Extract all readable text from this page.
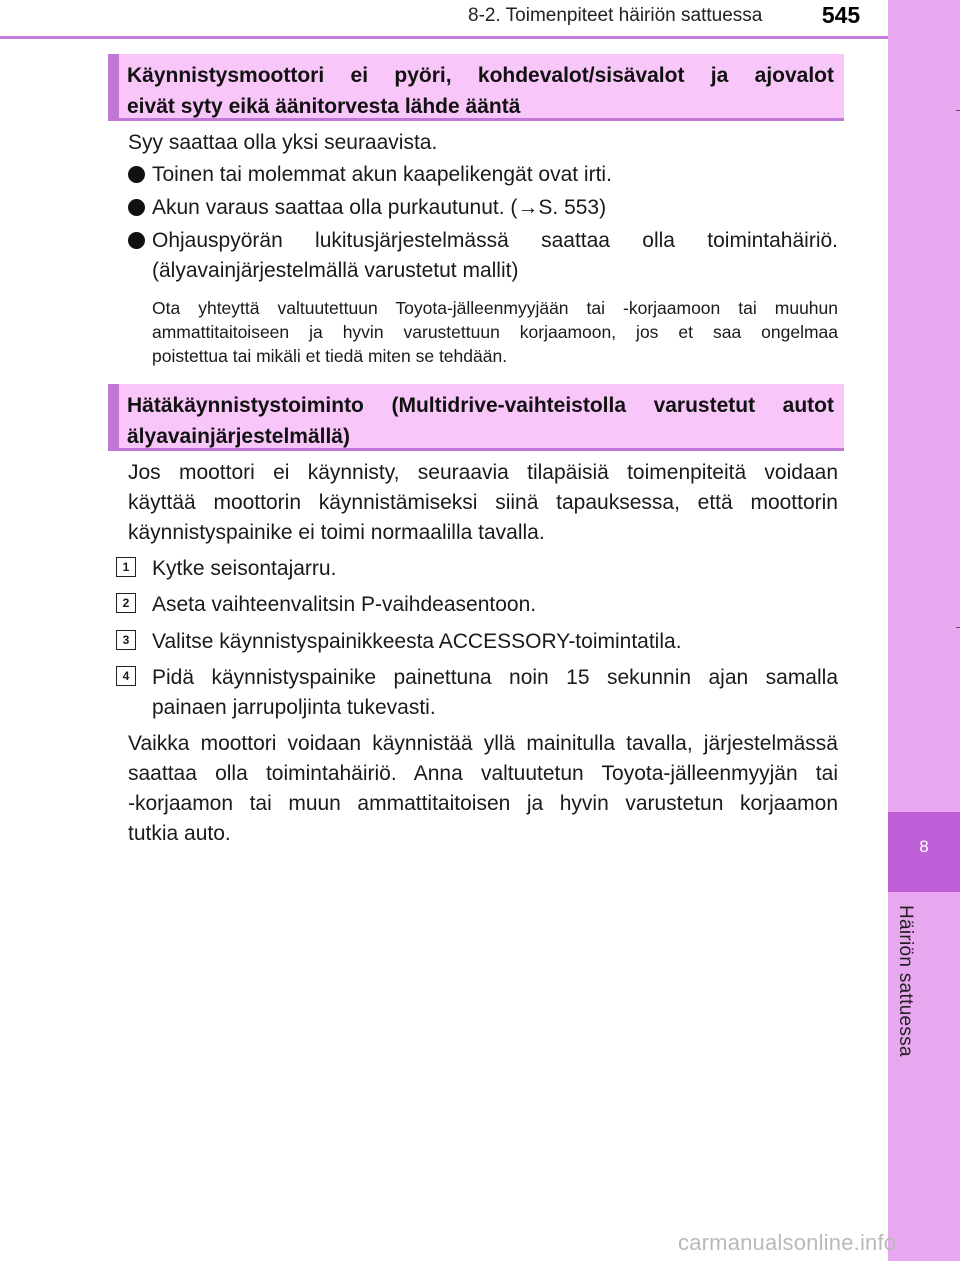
8-2. Toimenpiteet häiriön sattuessa	545
8
Häiriön sattuessa
Käynnistysmoottori ei pyöri, kohdevalot/sisävalot ja ajovalot
eivät syty eikä äänitorvesta lähde ääntä
Syy saattaa olla yksi seuraavista.
Toinen tai molemmat akun kaapelikengät ovat irti.
Akun varaus saattaa olla purkautunut. (→S. 553)
Ohjauspyörän lukitusjärjestelmässä saattaa olla toimintahäiriö.
(älyavainjärjestelmällä varustetut mallit)
Ota yhteyttä valtuutettuun Toyota-jälleenmyyjään tai -korjaamoon tai muuhun
ammattitaitoiseen ja hyvin varustettuun korjaamoon, jos et saa ongelmaa
poistettua tai mikäli et tiedä miten se tehdään.
Hätäkäynnistystoiminto (Multidrive-vaihteistolla varustetut autot
älyavainjärjestelmällä)
Jos moottori ei käynnisty, seuraavia tilapäisiä toimenpiteitä voidaan
käyttää moottorin käynnistämiseksi siinä tapauksessa, että moottorin
käynnistyspainike ei toimi normaalilla tavalla.
1	Kytke seisontajarru.
2	Aseta vaihteenvalitsin P-vaihdeasentoon.
3	Valitse käynnistyspainikkeesta ACCESSORY-toimintatila.
4	Pidä käynnistyspainike painettuna noin 15 sekunnin ajan samalla
painaen jarrupoljinta tukevasti.
Vaikka moottori voidaan käynnistää yllä mainitulla tavalla, järjestelmässä
saattaa olla toimintahäiriö. Anna valtuutetun Toyota-jälleenmyyjän tai
-korjaamon tai muun ammattitaitoisen ja hyvin varustetun korjaamon
tutkia auto.
carmanualsonline.info
